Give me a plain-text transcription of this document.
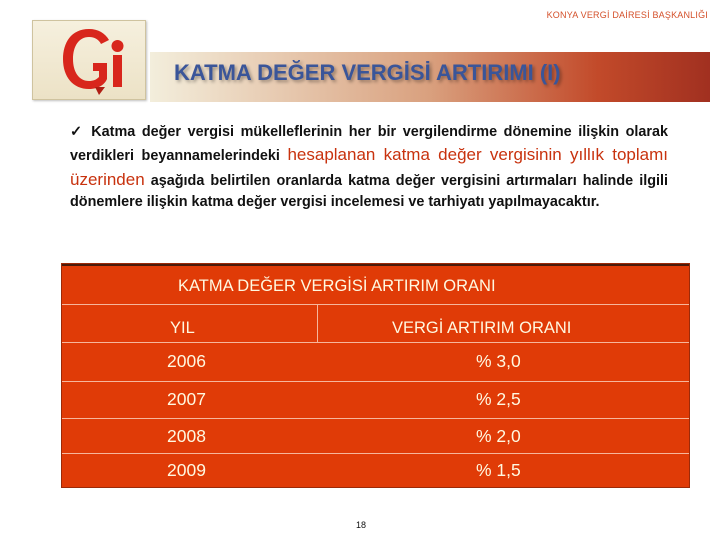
KONYA VERGİ DAİRESİ BAŞKANLIĞI
KATMA DEĞER VERGİSİ ARTIRIMI (I)
✓ Katma değer vergisi mükelleflerinin her bir vergilendirme dönemine ilişkin olarak verdikleri beyannamelerindeki hesaplanan katma değer vergisinin yıllık toplamı üzerinden aşağıda belirtilen oranlarda katma değer vergisini artırmaları halinde ilgili dönemlere ilişkin katma değer vergisi incelemesi ve tarhiyatı yapılmayacaktır.
KATMA DEĞER VERGİSİ ARTIRIM ORANI
YIL	VERGİ ARTIRIM ORANI
2006	% 3,0
2007	% 2,5
2008	% 2,0
2009	% 1,5
18
